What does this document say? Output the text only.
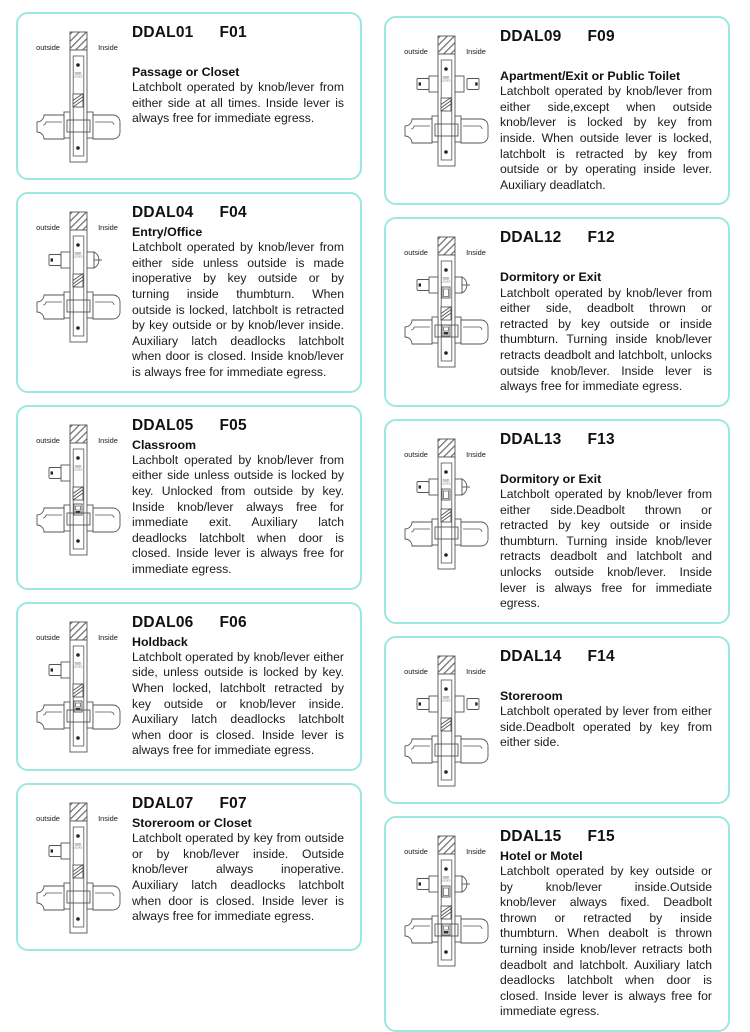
D&D
LOCKS
outside	Inside
DDAL01 F01
Passage or Closet
Latchbolt operated by knob/lever from either side at all times. Inside lever is always free for immediate egress.
D&D
LOCKS
outside	Inside
DDAL04 F04
Entry/Office
Latchbolt operated by knob/lever from either side unless outside is made inoperative by key outside or by turning inside thumbturn. When outside is locked, latchbolt is retracted by key outside or by knob/lever inside. Auxiliary latch deadlocks latchbolt when door is closed. Inside knob/lever is always free for immediate egress.
D&D
LOCKS
outside	Inside
DDAL05 F05
Classroom
Lachbolt operated by knob/lever from either side unless outside is locked by key. Unlocked from outside by key. Inside knob/lever always free for immediate exit. Auxiliary latch deadlocks latchbolt when door is closed. Inside lever is always free for immediate egress.
D&D
LOCKS
outside	Inside
DDAL06 F06
Holdback
Latchbolt operated by knob/lever either side, unless outside is locked by key. When locked, latchbolt retracted by key outside or knob/lever inside. Auxiliary latch deadlocks latchbolt when door is closed. Inside lever is always free for immediate egress.
D&D
LOCKS
outside	Inside
DDAL07 F07
Storeroom or Closet
Latchbolt operated by key from outside or by knob/lever inside. Outside knob/lever always inoperative. Auxiliary latch deadlocks latchbolt when door is closed. Inside lever is always free for immediate egress.
D&D
LOCKS
outside	Inside
DDAL09 F09
Apartment/Exit or Public Toilet
Latchbolt operated by knob/lever from either side,except when outside knob/lever is locked by key from inside. When outside lever is locked, latchbolt is retracted by key from outside or by operating inside lever. Auxiliary deadlatch.
D&D
LOCKS
outside	Inside
DDAL12 F12
Dormitory or Exit
Latchbolt operated by knob/lever from either side, deadbolt thrown or retracted by key outside or inside thumbturn. Turning inside knob/lever retracts deadbolt and latchbolt, unlocks outside knob/lever. Inside lever is always free for immediate egress.
D&D
LOCKS
outside	Inside
DDAL13 F13
Dormitory or Exit
Latchbolt operated by knob/lever from either side.Deadbolt thrown or retracted by key outside or inside thumbturn. Turning inside knob/lever retracts deadbolt and latchbolt and unlocks outside knob/lever. Inside lever is always free for immediate egress.
D&D
LOCKS
outside	Inside
DDAL14 F14
Storeroom
Latchbolt operated by lever from either side.Deadbolt operated by key from either side.
D&D
LOCKS
outside	Inside
DDAL15 F15
Hotel or Motel
Latchbolt operated by key outside or by knob/lever inside.Outside knob/lever always fixed. Deadbolt thrown or retracted by inside thumbturn. When deabolt is thrown turning inside knob/lever retracts both deadbolt and latchbolt. Auxiliary latch deadlocks latchbolt when door is closed. Inside lever is always free for immediate egress.
